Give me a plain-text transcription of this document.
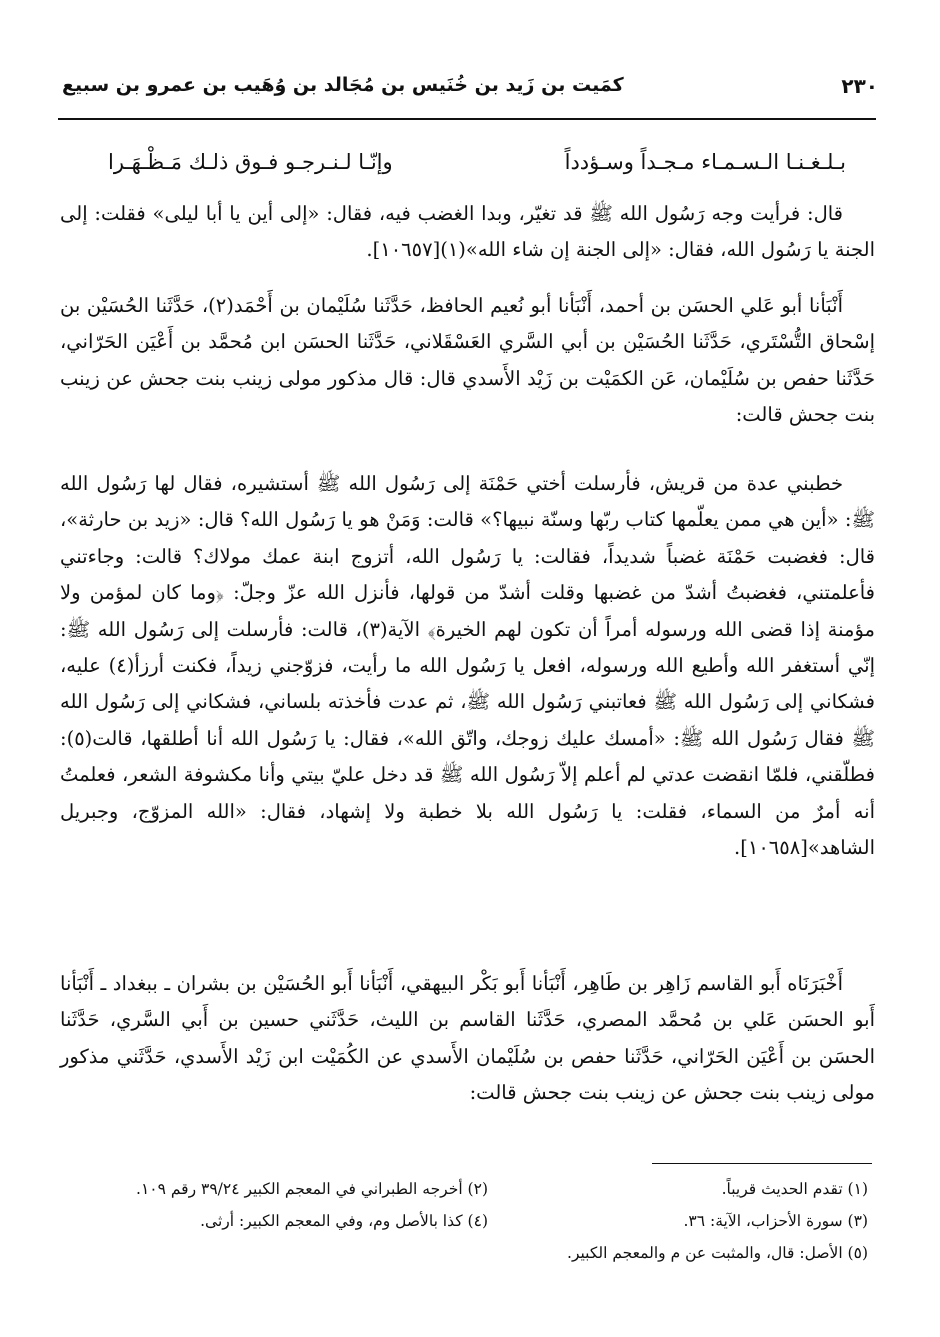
٢٣٠
كمَيت بن زَيد بن خُنَيس بن مُجَالد بن وُهَيب بن عمرو بن سبيع
بـلـغـنـا الـسـمـاء مـجـداً وسـؤدداً
وإنّـا لـنـرجـو فـوق ذلـك مَـظْـهَـرا

قال: فرأيت وجه رَسُول الله ﷺ قد تغيّر، وبدا الغضب فيه، فقال: «إلى أين يا أبا ليلى» فقلت: إلى الجنة يا رَسُول الله، فقال: «إلى الجنة إن شاء الله»(١)[١٠٦٥٧].

أَنْبَأنا أبو عَلي الحسَن بن أحمد، أَنْبَأنا أبو نُعيم الحافظ، حَدَّثَنا سُلَيْمان بن أَحْمَد(٢)، حَدَّثَنا الحُسَيْن بن إسْحاق التُّسْتَري، حَدَّثَنا الحُسَيْن بن أبي السَّري العَسْقَلاني، حَدَّثَنا الحسَن ابن مُحمَّد بن أَعْيَن الحَرّاني، حَدَّثَنا حفص بن سُلَيْمان، عَن الكمَيْت بن زَيْد الأَسدي قال: قال مذكور مولى زينب بنت جحش عن زينب بنت جحش قالت:

خطبني عدة من قريش، فأرسلت أختي حَمْنَة إلى رَسُول الله ﷺ أستشيره، فقال لها رَسُول الله ﷺ: «أين هي ممن يعلّمها كتاب ربّها وسنّة نبيها؟» قالت: وَمَنْ هو يا رَسُول الله؟ قال: «زيد بن حارثة»، قال: فغضبت حَمْنَة غضباً شديداً، فقالت: يا رَسُول الله، أتزوج ابنة عمك مولاك؟ قالت: وجاءتني فأعلمتني، فغضبتُ أشدّ من غضبها وقلت أشدّ من قولها، فأنزل الله عزّ وجلّ: ﴿وما كان لمؤمن ولا مؤمنة إذا قضى الله ورسوله أمراً أن تكون لهم الخيرة﴾ الآية(٣)، قالت: فأرسلت إلى رَسُول الله ﷺ: إنّي أستغفر الله وأطيع الله ورسوله، افعل يا رَسُول الله ما رأيت، فزوّجني زيداً، فكنت أرزأ(٤) عليه، فشكاني إلى رَسُول الله ﷺ فعاتبني رَسُول الله ﷺ، ثم عدت فأخذته بلساني، فشكاني إلى رَسُول الله ﷺ فقال رَسُول الله ﷺ: «أمسك عليك زوجك، واتّق الله»، فقال: يا رَسُول الله أنا أطلقها، قالت(٥): فطلّقني، فلمّا انقضت عدتي لم أعلم إلاّ رَسُول الله ﷺ قد دخل عليّ بيتي وأنا مكشوفة الشعر، فعلمتُ أنه أمرٌ من السماء، فقلت: يا رَسُول الله بلا خطبة ولا إشهاد، فقال: «الله المزوّج، وجبريل الشاهد»[١٠٦٥٨].

أَخْبَرَنَاه أَبو القاسم زَاهِر بن طَاهِر، أَنْبَأنا أَبو بَكْر البيهقي، أَنْبَأنا أَبو الحُسَيْن بن بشران ـ ببغداد ـ أَنْبَأنا أَبو الحسَن عَلي بن مُحمَّد المصري، حَدَّثَنا القاسم بن الليث، حَدَّثَني حسين بن أَبي السَّري، حَدَّثَنا الحسَن بن أَعْيَن الحَرّاني، حَدَّثَنا حفص بن سُلَيْمان الأَسدي عن الكُمَيْت ابن زَيْد الأَسدي، حَدَّثَني مذكور مولى زينب بنت جحش عن زينب بنت جحش قالت:

(١) تقدم الحديث قريباً.
(٢) أخرجه الطبراني في المعجم الكبير ٣٩/٢٤ رقم ١٠٩.
(٣) سورة الأحزاب، الآية: ٣٦.
(٤) كذا بالأصل وم، وفي المعجم الكبير: أرثى.
(٥) الأصل: قال، والمثبت عن م والمعجم الكبير.
